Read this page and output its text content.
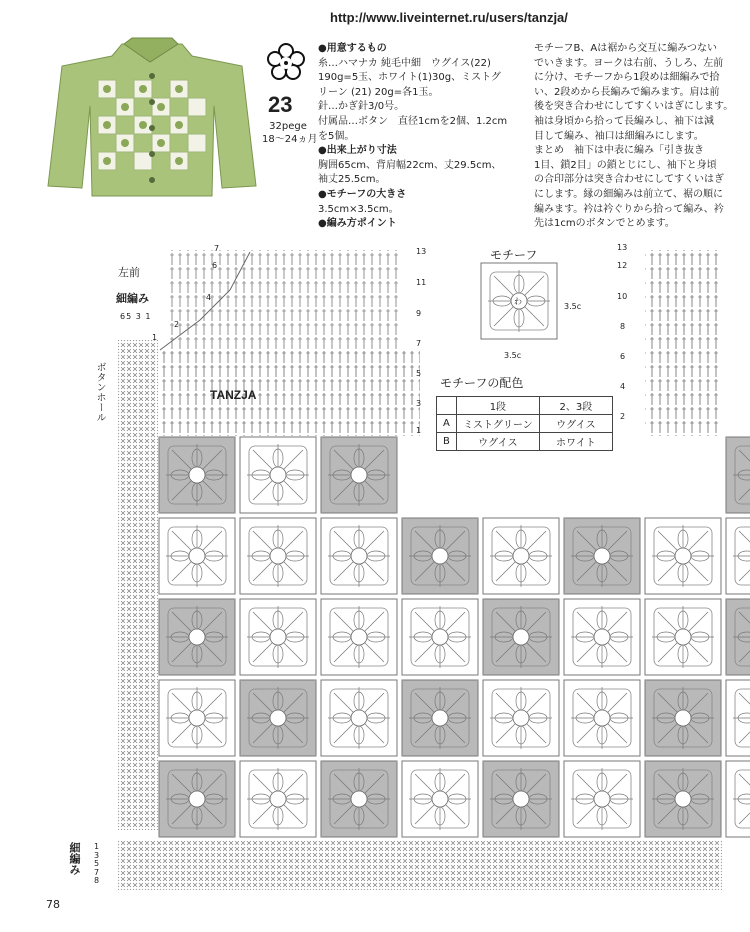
http://www.liveinternet.ru/users/tanzja/
23
32pege
18〜24ヵ月
●用意するもの
糸…ハマナカ 純毛中細　ウグイス(22)
190g=5玉、ホワイト(1)30g、ミストグ
リーン (21) 20g=各1玉。
針…かぎ針3/0号。
付属品…ボタン　直径1cmを2個、1.2cm
を5個。
●出来上がり寸法
胸囲65cm、背肩幅22cm、丈29.5cm、
袖丈25.5cm。
●モチーフの大きさ
3.5cm×3.5cm。
●編み方ポイント
モチーフB、Aは裾から交互に編みつない
でいきます。ヨークは右前、うしろ、左前
に分け、モチーフから1段めは細編みで拾
い、2段めから長編みで編みます。肩は前
後を突き合わせにしてすくいはぎにします。
袖は身頃から拾って長編みし、袖下は減
目して編み、袖口は細編みにします。
まとめ　袖下は中表に編み「引き抜き
1目、鎖2目」の鎖とじにし、袖下と身頃
の合印部分は突き合わせにしてすくいはぎ
にします。縁の細編みは前立て、裾の順に
編みます。衿は衿ぐりから拾って編み、衿
先は1cmのボタンでとめます。
左前
細編み
TANZJA
ボタンホール
細編み
65 3 1
7
6
4
2
1
13
11
9
7
5
3
1
13
12
10
8
6
4
2
1
3
5
7
8
モチーフ
わ
3.5c
3.5c
モチーフの配色
	1段	2、3段
A	ミストグリーン	ウグイス
B	ウグイス	ホワイト
78
